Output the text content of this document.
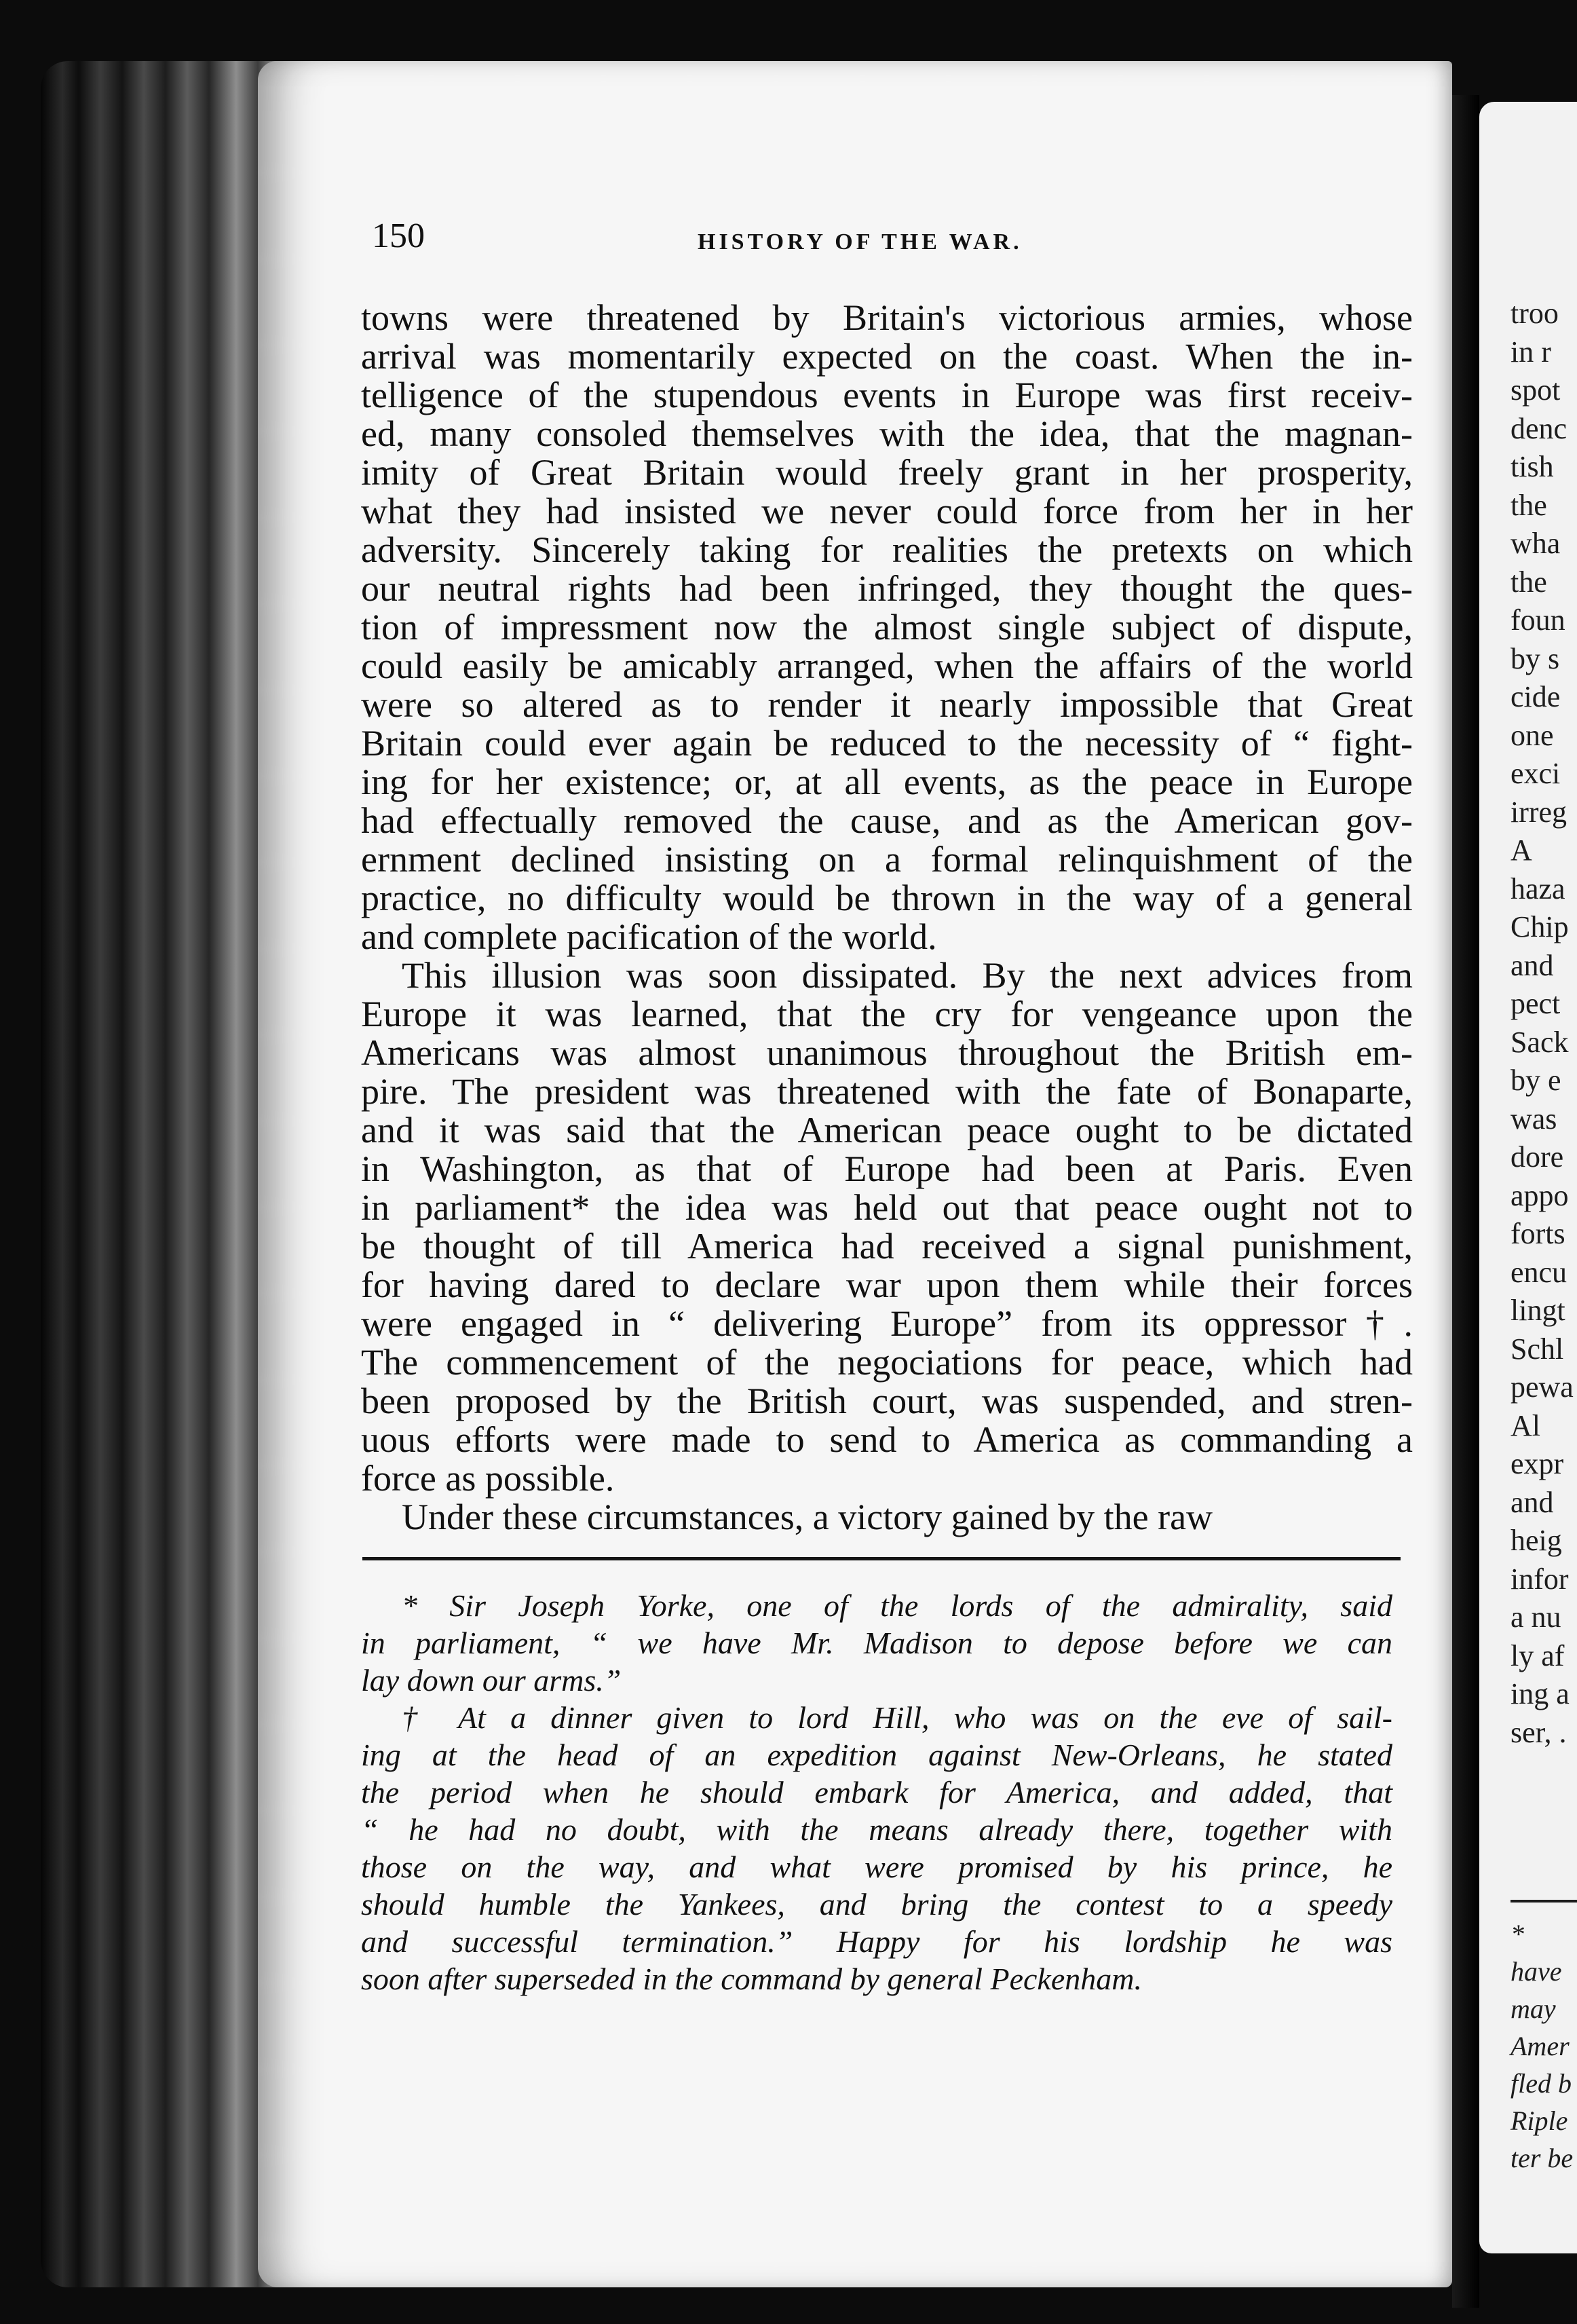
troo
in r
spot
denc
tish
the
wha
the
foun
by s
cide
one
exci
irreg
A
haza
Chip
and
pect
Sack
by e
was
dore
appo
forts
encu
lingt
Schl
pewa
Al
expr
and
heig
infor
a nu
ly af
ing a
ser, .
*
have
may
Amer
fled b
Riple
ter be
150	HISTORY OF THE WAR.
towns were threatened by Britain's victorious armies, whose
arrival was momentarily expected on the coast. When the in-
telligence of the stupendous events in Europe was first receiv-
ed, many consoled themselves with the idea, that the magnan-
imity of Great Britain would freely grant in her prosperity,
what they had insisted we never could force from her in her
adversity. Sincerely taking for realities the pretexts on which
our neutral rights had been infringed, they thought the ques-
tion of impressment now the almost single subject of dispute,
could easily be amicably arranged, when the affairs of the world
were so altered as to render it nearly impossible that Great
Britain could ever again be reduced to the necessity of “ fight-
ing for her existence; or, at all events, as the peace in Europe
had effectually removed the cause, and as the American gov-
ernment declined insisting on a formal relinquishment of the
practice, no difficulty would be thrown in the way of a general
and complete pacification of the world.
This illusion was soon dissipated. By the next advices from
Europe it was learned, that the cry for vengeance upon the
Americans was almost unanimous throughout the British em-
pire. The president was threatened with the fate of Bonaparte,
and it was said that the American peace ought to be dictated
in Washington, as that of Europe had been at Paris. Even
in parliament* the idea was held out that peace ought not to
be thought of till America had received a signal punishment,
for having dared to declare war upon them while their forces
were engaged in “ delivering Europe” from its oppressor†.
The commencement of the negociations for peace, which had
been proposed by the British court, was suspended, and stren-
uous efforts were made to send to America as commanding a
force as possible.
Under these circumstances, a victory gained by the raw
* Sir Joseph Yorke, one of the lords of the admirality, said
in parliament, “ we have Mr. Madison to depose before we can
lay down our arms.”
† At a dinner given to lord Hill, who was on the eve of sail-
ing at the head of an expedition against New-Orleans, he stated
the period when he should embark for America, and added, that
“ he had no doubt, with the means already there, together with
those on the way, and what were promised by his prince, he
should humble the Yankees, and bring the contest to a speedy
and successful termination.” Happy for his lordship he was
soon after superseded in the command by general Peckenham.
